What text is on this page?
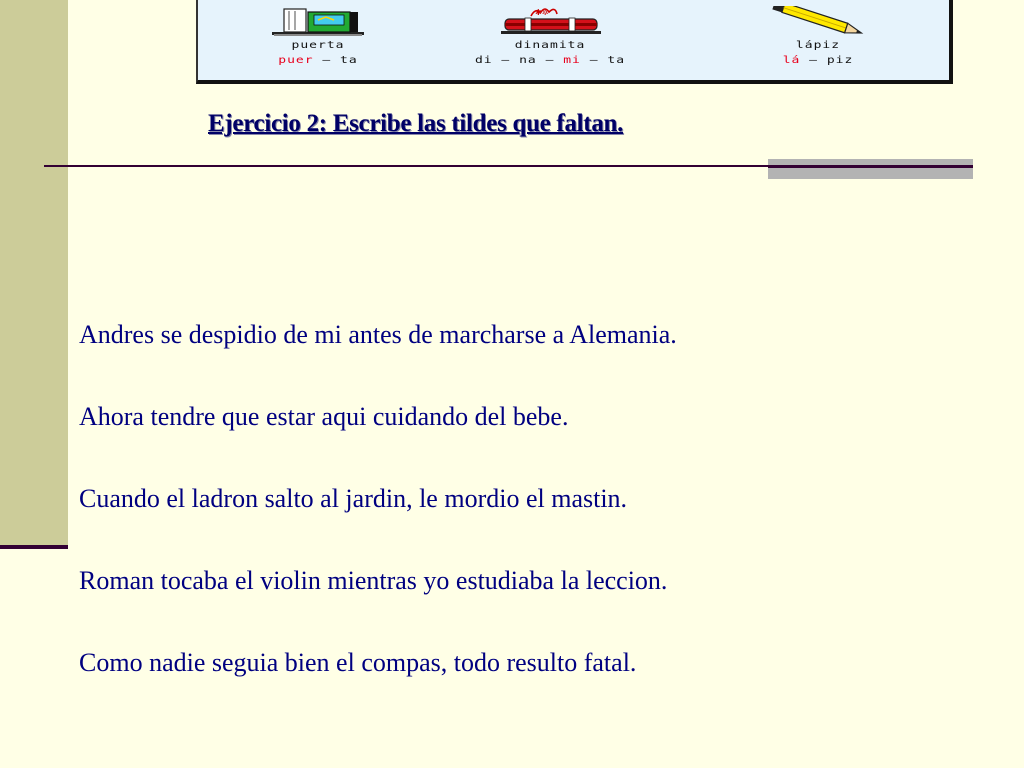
puerta
puer – ta
✱✲
dinamita
di – na – mi – ta
lápiz
lá – piz
Ejercicio 2: Escribe las tildes que faltan.
Andres se despidio de mi antes de marcharse a Alemania.
Ahora tendre que estar aqui cuidando del bebe.
Cuando el ladron salto al jardin, le mordio el mastin.
Roman tocaba el violin mientras yo estudiaba la leccion.
Como nadie seguia bien el compas, todo resulto fatal.
